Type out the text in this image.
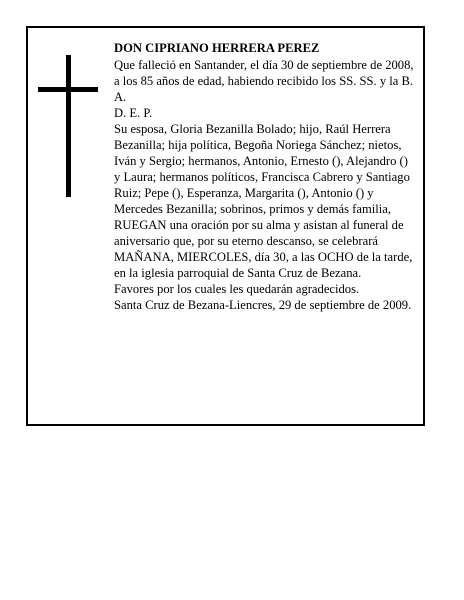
DON CIPRIANO HERRERA PEREZ

Que falleció en Santander, el día 30 de septiembre de 2008,

a los 85 años de edad, habiendo recibido los SS. SS. y la B. A.

D. E. P.

Su esposa, Gloria Bezanilla Bolado; hijo, Raúl Herrera Bezanilla; hija política, Begoña Noriega Sánchez; nietos, Iván y Sergio; hermanos, Antonio, Ernesto (), Alejandro () y Laura; hermanos políticos, Francisca Cabrero y Santiago Ruiz; Pepe (), Esperanza, Margarita (), Antonio () y Mercedes Bezanilla; sobrinos, primos y demás familia,

RUEGAN una oración por su alma y asistan al funeral de aniversario que, por su eterno descanso, se celebrará MAÑANA, MIERCOLES, día 30, a las OCHO de la tarde, en la iglesia parroquial de Santa Cruz de Bezana.

Favores por los cuales les quedarán agradecidos.

Santa Cruz de Bezana-Liencres, 29 de septiembre de 2009.
